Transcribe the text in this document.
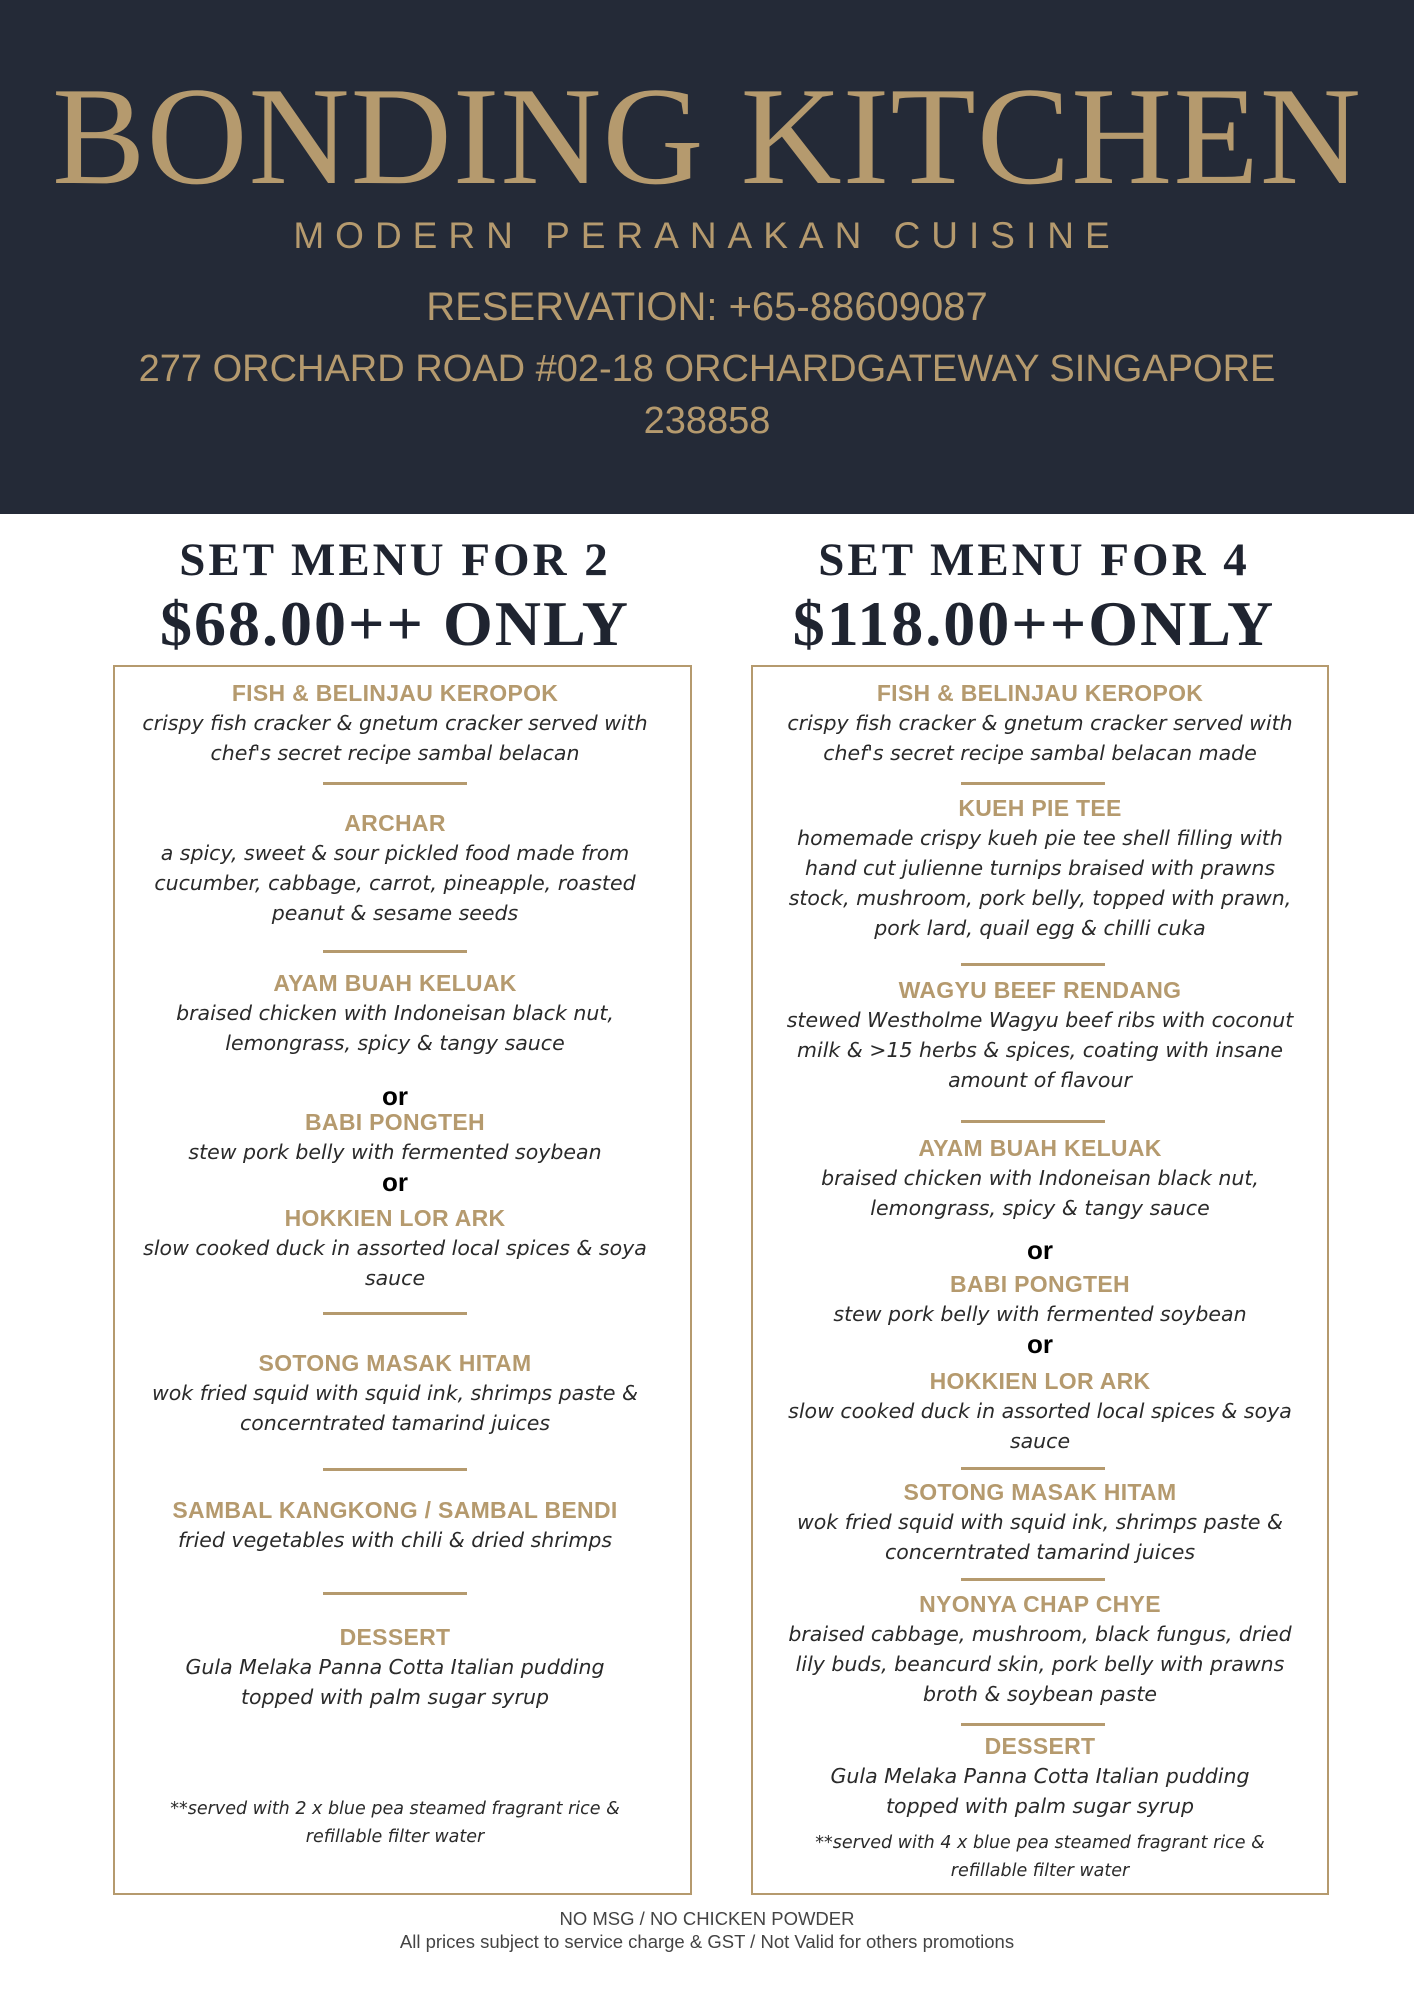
BONDING KITCHEN
MODERN PERANAKAN CUISINE
RESERVATION: +65-88609087
277 ORCHARD ROAD #02-18 ORCHARDGATEWAY SINGAPORE 238858
SET MENU FOR 2
$68.00++ ONLY
SET MENU FOR 4
$118.00++ONLY
FISH & BELINJAU KEROPOK
crispy fish cracker & gnetum cracker served with chef's secret recipe sambal belacan
ARCHAR
a spicy, sweet & sour pickled food made from cucumber, cabbage, carrot, pineapple, roasted peanut & sesame seeds
AYAM BUAH KELUAK
braised chicken with Indoneisan black nut, lemongrass, spicy & tangy sauce
or
BABI PONGTEH
stew pork belly with fermented soybean
or
HOKKIEN LOR ARK
slow cooked duck in assorted local spices & soya sauce
SOTONG MASAK HITAM
wok fried squid with squid ink, shrimps paste & concerntrated tamarind juices
SAMBAL KANGKONG / SAMBAL BENDI
fried vegetables with chili & dried shrimps
DESSERT
Gula Melaka Panna Cotta Italian pudding topped with palm sugar syrup
**served with 2 x blue pea steamed fragrant rice & refillable filter water
FISH & BELINJAU KEROPOK
crispy fish cracker & gnetum cracker served with chef's secret recipe sambal belacan made
KUEH PIE TEE
homemade crispy kueh pie tee shell filling with hand cut julienne turnips braised with prawns stock, mushroom, pork belly, topped with prawn, pork lard, quail egg & chilli cuka
WAGYU BEEF RENDANG
stewed Westholme Wagyu beef ribs with coconut milk & >15 herbs & spices, coating with insane amount of flavour
AYAM BUAH KELUAK
braised chicken with Indoneisan black nut, lemongrass, spicy & tangy sauce
or
BABI PONGTEH
stew pork belly with fermented soybean
or
HOKKIEN LOR ARK
slow cooked duck in assorted local spices & soya sauce
SOTONG MASAK HITAM
wok fried squid with squid ink, shrimps paste & concerntrated tamarind juices
NYONYA CHAP CHYE
braised cabbage, mushroom, black fungus, dried lily buds, beancurd skin, pork belly with prawns broth & soybean paste
DESSERT
Gula Melaka Panna Cotta Italian pudding topped with palm sugar syrup
**served with 4 x blue pea steamed fragrant rice & refillable filter water
NO MSG / NO CHICKEN POWDER
All prices subject to service charge & GST / Not Valid for others promotions
